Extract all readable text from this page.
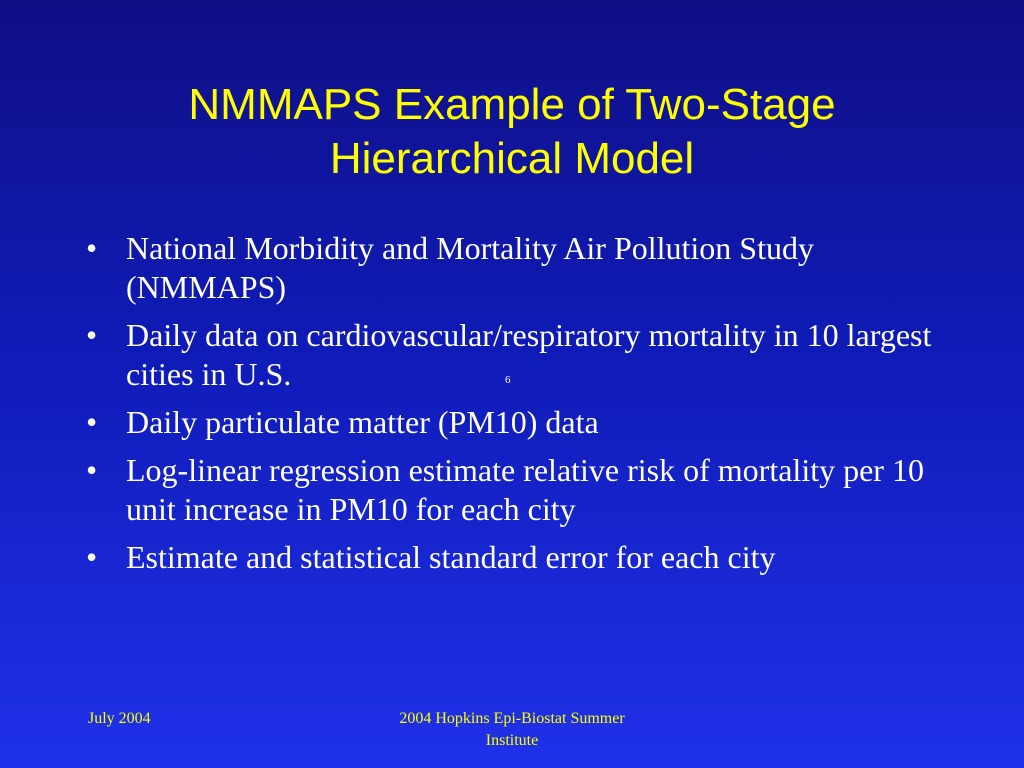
NMMAPS Example of Two-Stage
Hierarchical Model
• National Morbidity and Mortality Air Pollution Study (NMMAPS)
• Daily data on cardiovascular/respiratory mortality in 10 largest cities in U.S.
• Daily particulate matter (PM10) data
• Log-linear regression estimate relative risk of mortality per 10 unit increase in PM10 for each city
• Estimate and statistical standard error for each city
6
July 2004	2004 Hopkins Epi-Biostat Summer
Institute
